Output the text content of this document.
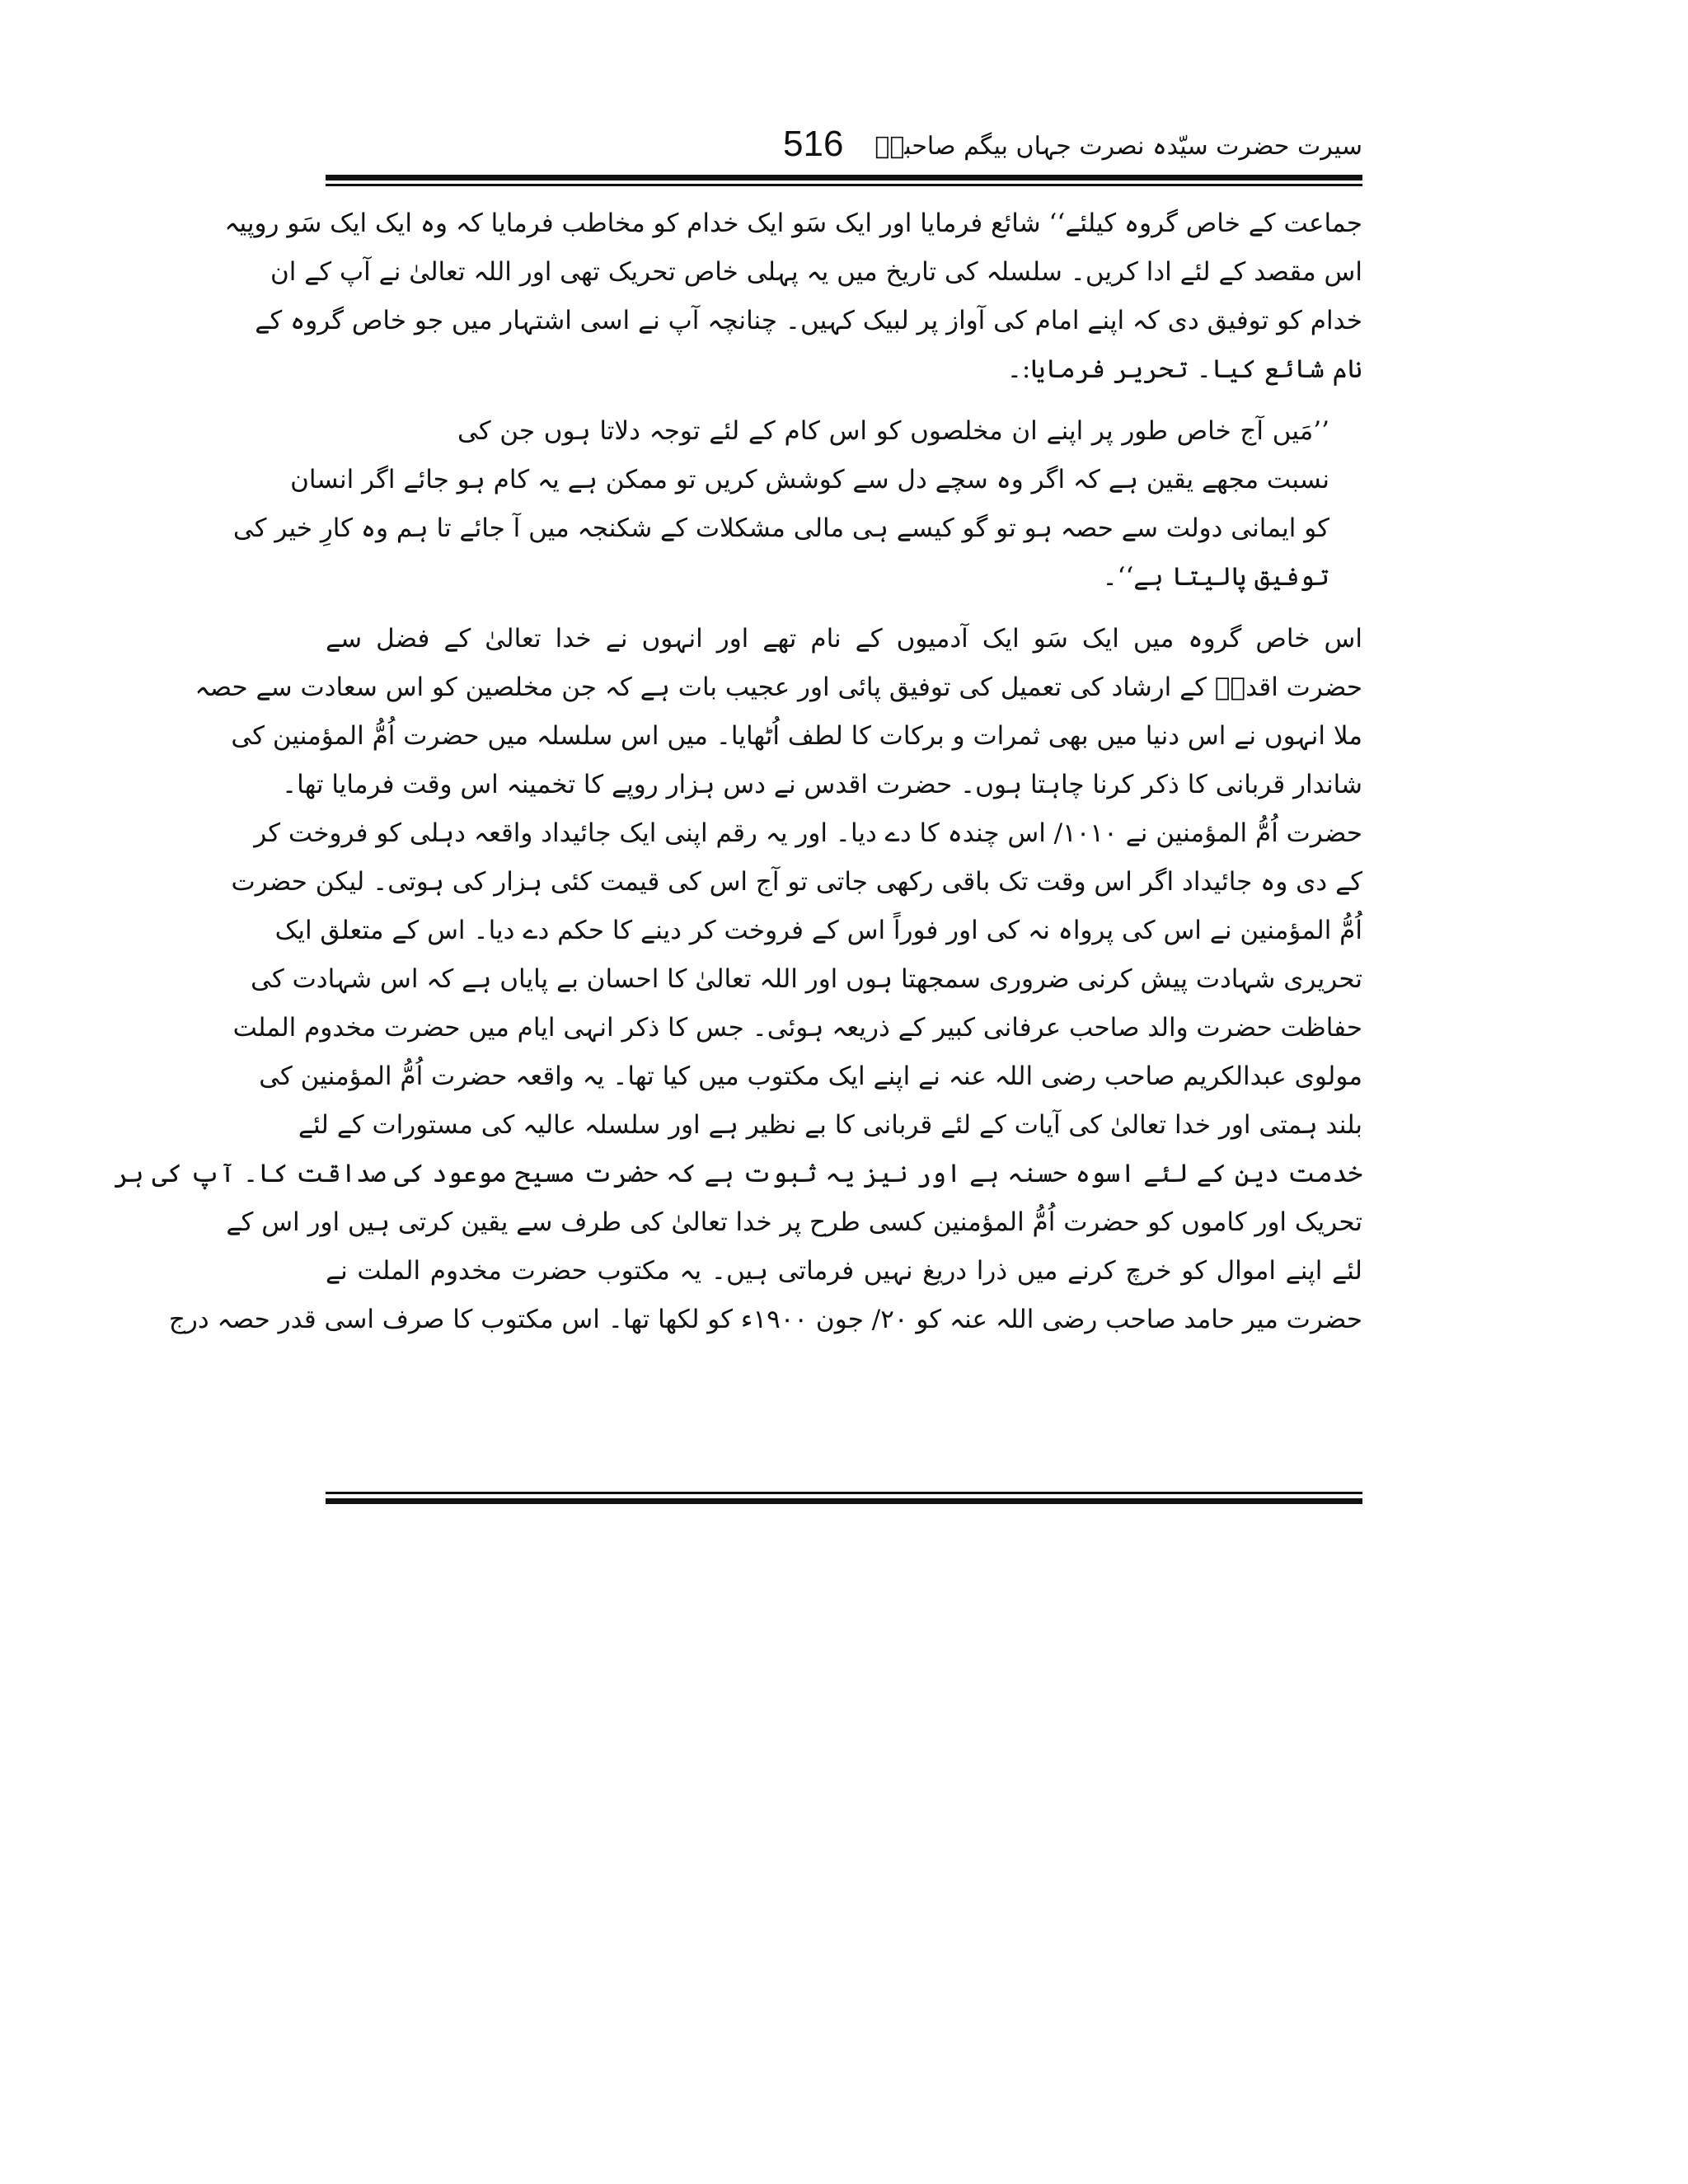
سیرت حضرت سیّدہ نصرت جہاں بیگم صاحبہؓ
516
جماعت کے خاص گروہ کیلئے‘‘ شائع فرمایا اور ایک سَو ایک خدام کو مخاطب فرمایا کہ وہ ایک ایک سَو روپیہ
اس مقصد کے لئے ادا کریں۔ سلسلہ کی تاریخ میں یہ پہلی خاص تحریک تھی اور اللہ تعالیٰ نے آپ کے ان
خدام کو توفیق دی کہ اپنے امام کی آواز پر لبیک کہیں۔ چنانچہ آپ نے اسی اشتہار میں جو خاص گروہ کے
نام شائع کیا۔ تحریر فرمایا:۔
’’مَیں آج خاص طور پر اپنے ان مخلصوں کو اس کام کے لئے توجہ دلاتا ہوں جن کی
نسبت مجھے یقین ہے کہ اگر وہ سچے دل سے کوشش کریں تو ممکن ہے یہ کام ہو جائے اگر انسان
کو ایمانی دولت سے حصہ ہو تو گو کیسے ہی مالی مشکلات کے شکنجہ میں آ جائے تا ہم وہ کارِ خیر کی
توفیق پالیتا ہے‘‘۔
اس خاص گروہ میں ایک سَو ایک آدمیوں کے نام تھے اور انہوں نے خدا تعالیٰ کے فضل سے
حضرت اقدسؑ کے ارشاد کی تعمیل کی توفیق پائی اور عجیب بات ہے کہ جن مخلصین کو اس سعادت سے حصہ
ملا انہوں نے اس دنیا میں بھی ثمرات و برکات کا لطف اُٹھایا۔ میں اس سلسلہ میں حضرت اُمُّ المؤمنین کی
شاندار قربانی کا ذکر کرنا چاہتا ہوں۔ حضرت اقدس نے دس ہزار روپے کا تخمینہ اس وقت فرمایا تھا۔
حضرت اُمُّ المؤمنین نے ۱۰۱۰/ اس چندہ کا دے دیا۔ اور یہ رقم اپنی ایک جائیداد واقعہ دہلی کو فروخت کر
کے دی وہ جائیداد اگر اس وقت تک باقی رکھی جاتی تو آج اس کی قیمت کئی ہزار کی ہوتی۔ لیکن حضرت
اُمُّ المؤمنین نے اس کی پرواہ نہ کی اور فوراً اس کے فروخت کر دینے کا حکم دے دیا۔ اس کے متعلق ایک
تحریری شہادت پیش کرنی ضروری سمجھتا ہوں اور اللہ تعالیٰ کا احسان بے پایاں ہے کہ اس شہادت کی
حفاظت حضرت والد صاحب عرفانی کبیر کے ذریعہ ہوئی۔ جس کا ذکر انہی ایام میں حضرت مخدوم الملت
مولوی عبدالکریم صاحب رضی اللہ عنہ نے اپنے ایک مکتوب میں کیا تھا۔ یہ واقعہ حضرت اُمُّ المؤمنین کی
بلند ہمتی اور خدا تعالیٰ کی آیات کے لئے قربانی کا بے نظیر ہے اور سلسلہ عالیہ کی مستورات کے لئے
خدمت دین کے لئے اسوہ حسنہ ہے اور نیز یہ ثبوت ہے کہ حضرت مسیح موعود کی صداقت کا۔ آپ کی ہر
تحریک اور کاموں کو حضرت اُمُّ المؤمنین کسی طرح پر خدا تعالیٰ کی طرف سے یقین کرتی ہیں اور اس کے
لئے اپنے اموال کو خرچ کرنے میں ذرا دریغ نہیں فرماتی ہیں۔ یہ مکتوب حضرت مخدوم الملت نے
حضرت میر حامد صاحب رضی اللہ عنہ کو ۲۰/ جون ۱۹۰۰ء کو لکھا تھا۔ اس مکتوب کا صرف اسی قدر حصہ درج
